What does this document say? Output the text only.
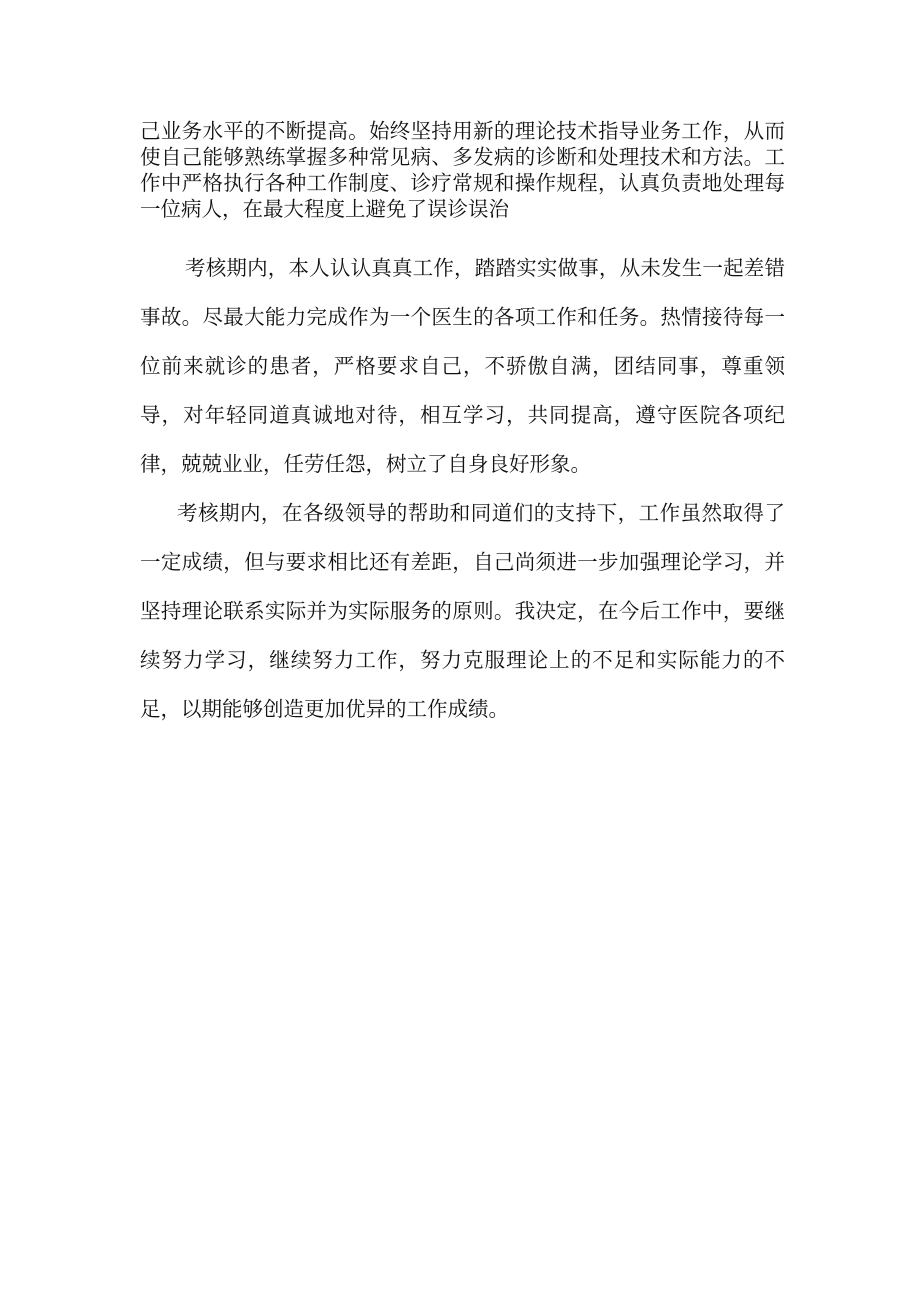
己业务水平的不断提高。始终坚持用新的理论技术指导业务工作，从而使自己能够熟练掌握多种常见病、多发病的诊断和处理技术和方法。工作中严格执行各种工作制度、诊疗常规和操作规程，认真负责地处理每一位病人，在最大程度上避免了误诊误治

考核期内，本人认认真真工作，踏踏实实做事，从未发生一起差错事故。尽最大能力完成作为一个医生的各项工作和任务。热情接待每一位前来就诊的患者，严格要求自己，不骄傲自满，团结同事，尊重领导，对年轻同道真诚地对待，相互学习，共同提高，遵守医院各项纪律，兢兢业业，任劳任怨，树立了自身良好形象。

考核期内，在各级领导的帮助和同道们的支持下，工作虽然取得了一定成绩，但与要求相比还有差距，自己尚须进一步加强理论学习，并坚持理论联系实际并为实际服务的原则。我决定，在今后工作中，要继续努力学习，继续努力工作，努力克服理论上的不足和实际能力的不足，以期能够创造更加优异的工作成绩。
